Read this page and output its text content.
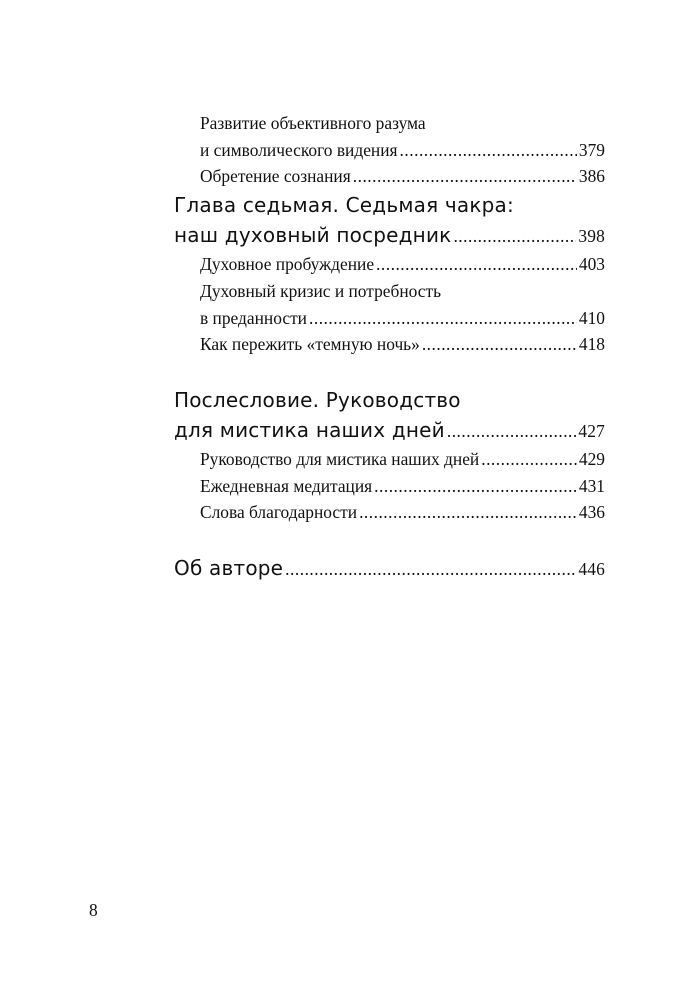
Развитие объективного разума
и символического видения .....	379
Обретение сознания .....	386
Глава седьмая. Седьмая чакра:
наш духовный посредник .....	398
Духовное пробуждение .....	403
Духовный кризис и потребность
в преданности .....	410
Как пережить «темную ночь» .....	418
Послесловие. Руководство
для мистика наших дней .....	427
Руководство для мистика наших дней .....	429
Ежедневная медитация .....	431
Слова благодарности .....	436
Об авторе .....	446
8
